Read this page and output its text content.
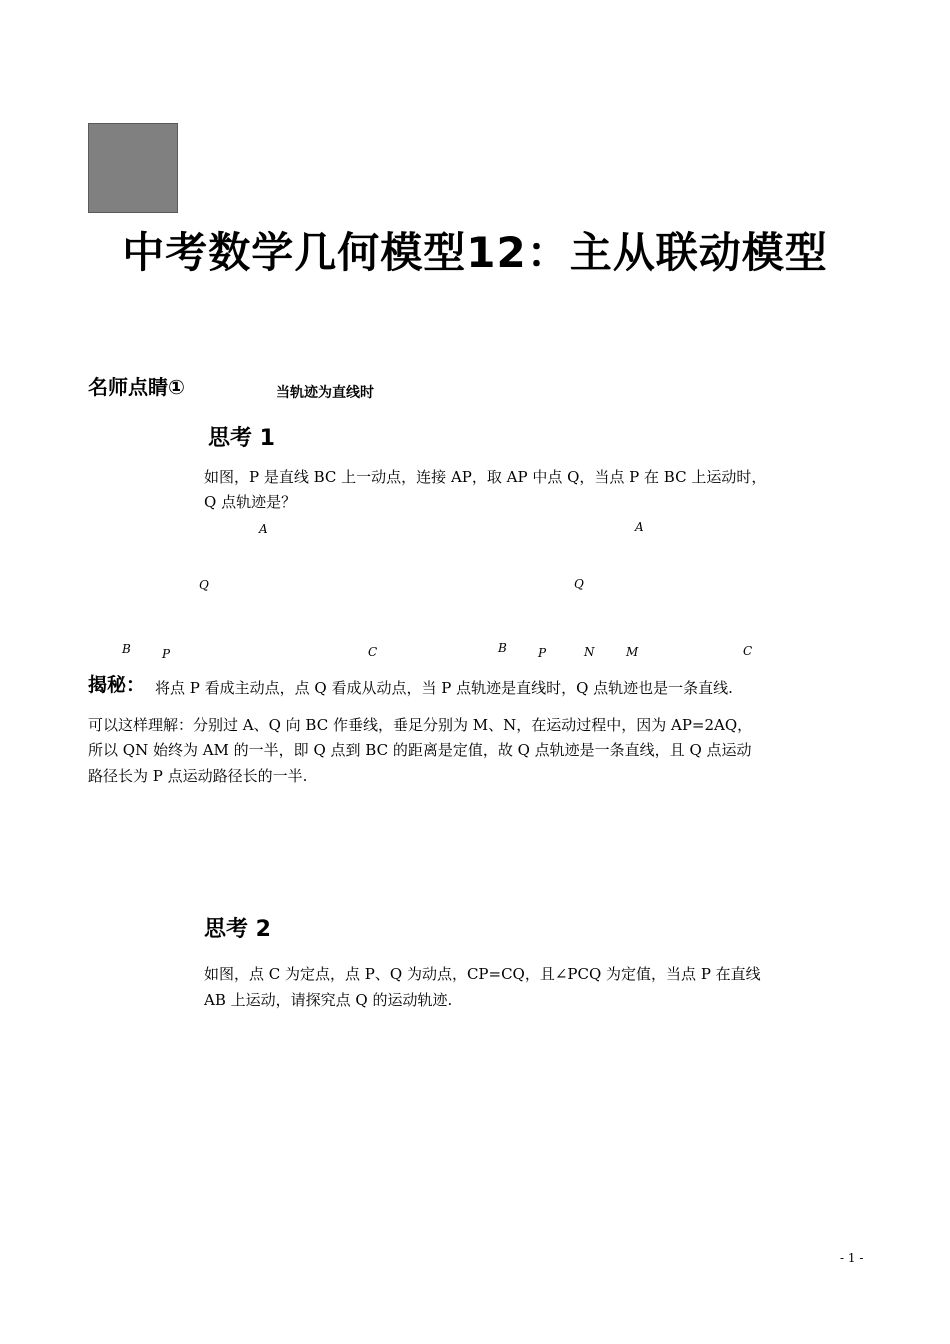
中考数学几何模型12：主从联动模型
名师点睛①	当轨迹为直线时
思考 1
如图，P 是直线 BC 上一动点，连接 AP，取 AP 中点 Q，当点 P 在 BC 上运动时，
Q 点轨迹是？
A
Q
B	P	C
A
Q
B	P	N	M	C
揭秘： 将点 P 看成主动点，点 Q 看成从动点，当 P 点轨迹是直线时，Q 点轨迹也是一条直线.
可以这样理解：分别过 A、Q 向 BC 作垂线，垂足分别为 M、N，在运动过程中，因为 AP=2AQ，
所以 QN 始终为 AM 的一半，即 Q 点到 BC 的距离是定值，故 Q 点轨迹是一条直线，且 Q 点运动
路径长为 P 点运动路径长的一半.
思考 2
如图，点 C 为定点，点 P、Q 为动点，CP=CQ，且∠PCQ 为定值，当点 P 在直线
AB 上运动，请探究点 Q 的运动轨迹.
- 1 -
